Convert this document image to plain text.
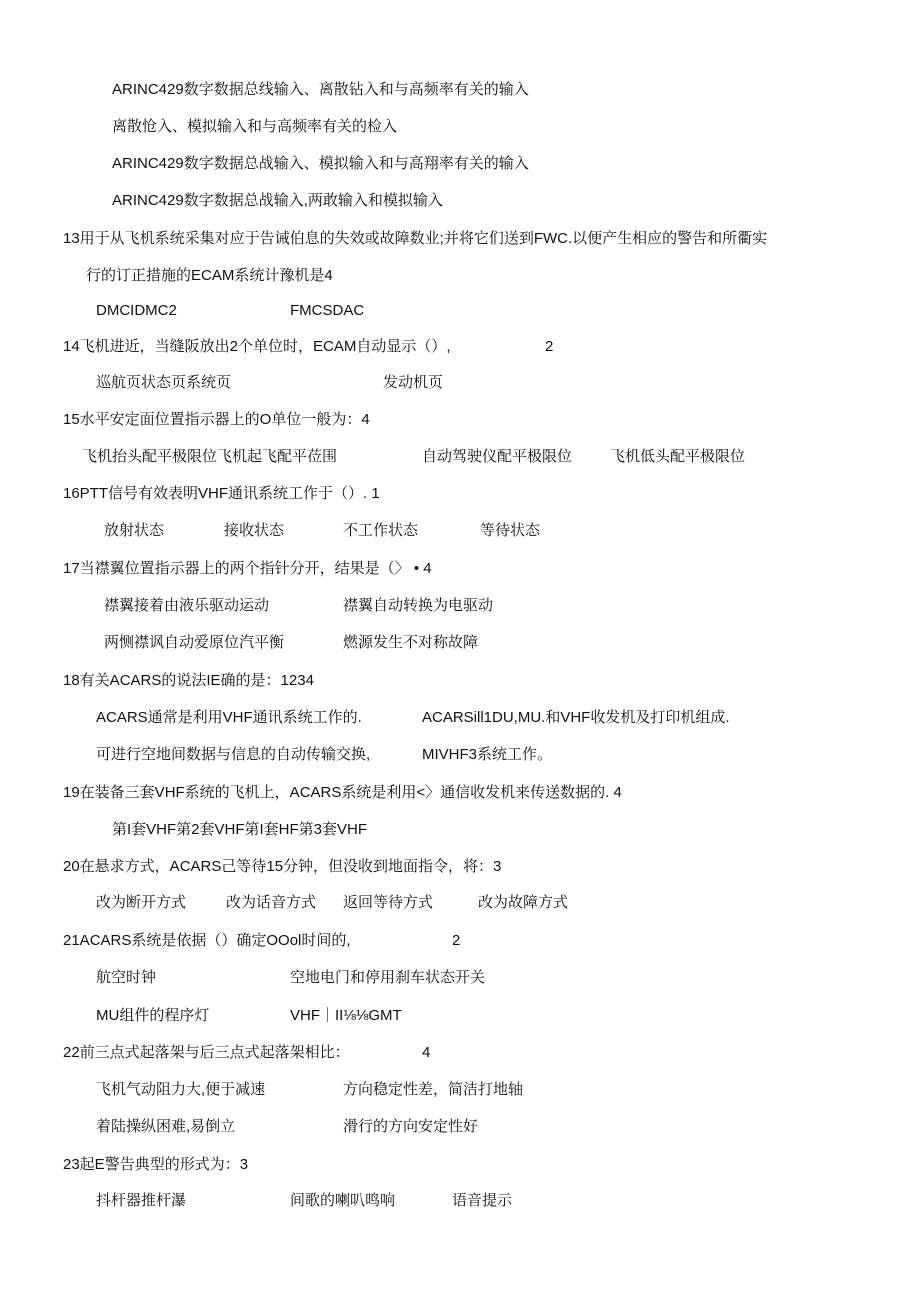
ARINC429数字数据总线输入、离散钻入和与高频率有关的输入
离散怆入、模拟输入和与高频率有关的检入
ARINC429数字数据总战输入、模拟输入和与高翔率有关的输入
ARINC429数字数据总战输入,两敢输入和模拟输入
13用于从飞机系统采集对应于告诫伯息的失效或故障数业;并将它们送到FWC.以便产生相应的警告和所衢实
行的订正措施的ECAM系统计豫机是4
DMCIDMC2	FMCSDAC
14飞机进近，当缝阪放出2个单位时，ECAM自动显示（）,	2
巡航页状态页系统页	发动机页
15水平安定面位置指示器上的O单位一般为：4
飞机抬头配平极限位飞机起飞配平莅围	自动驾驶仪配平极限位	飞机低头配平极限位
16PTT信号有效表明VHF通讯系统工作于（）. 1
放射状态	接收状态	不工作状态	等待状态
17当襟翼位置指示器上的两个指针分开，结果是（〉 • 4
襟翼接着由液乐驱动运动	襟翼自动转换为电驱动
两恻襟讽自动爱原位汽平衡	燃源发生不对称故障
18有关ACARS的说法IE确的是：1234
ACARS通常是利用VHF通讯系统工作的.	ACARSill1DU,MU.和VHF收发机及打印机组成.
可进行空地间数据与信息的自动传输交换,	MIVHF3系统工作。
19在装备三套VHF系统的飞机上，ACARS系统是利用<〉通信收发机来传送数据的. 4
第I套VHF第2套VHF第I套HF第3套VHF
20在悬求方式，ACARS己等待15分钟，但没收到地面指令，将：3
改为断开方式	改为话音方式 返回等待方式	改为故障方式
21ACARS系统是依据（）确定OOol时间的,	2
航空时钟	空地电门和停用刹车状态开关
MU组件的程序灯	VHF｜II⅛⅛GMT
22前三点式起落架与后三点式起落架相比：	4
飞机气动阻力大,便于减速	方向稳定性差，简洁打地轴
着陆操纵困难,易倒立	滑行的方向安定性好
23起E警告典型的形式为：3
抖杆器推杆瀑	间歌的喇叭鸣响	语音提示
